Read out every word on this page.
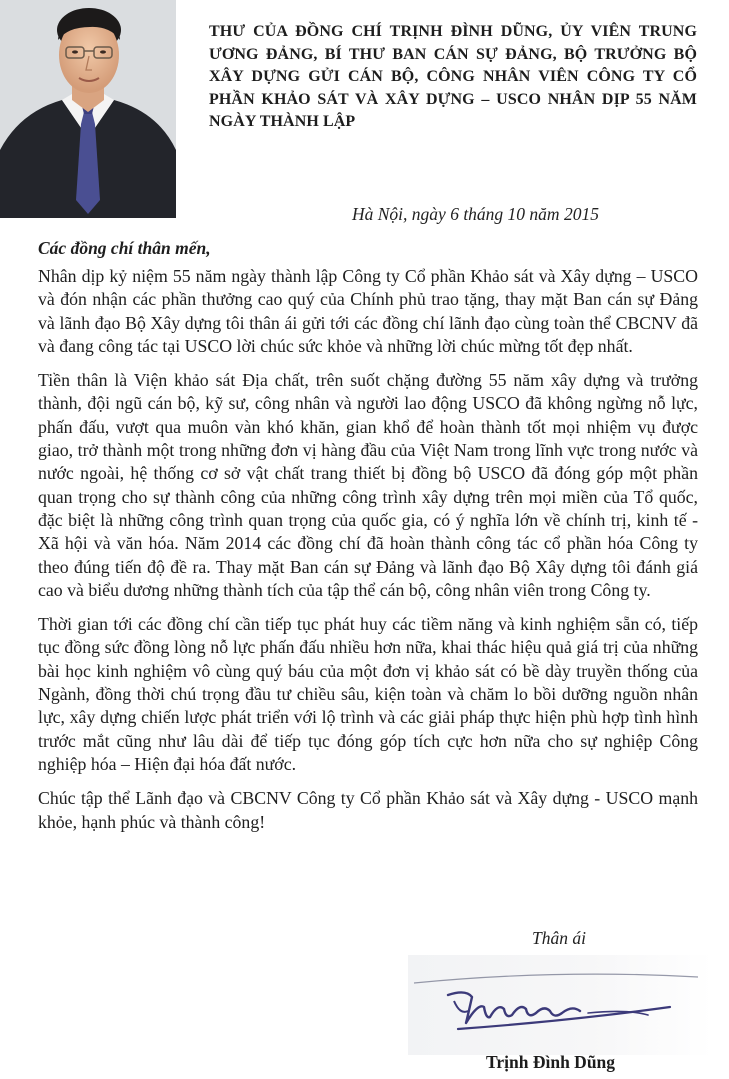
THƯ CỦA ĐỒNG CHÍ TRỊNH ĐÌNH DŨNG, ỦY VIÊN TRUNG ƯƠNG ĐẢNG, BÍ THƯ BAN CÁN SỰ ĐẢNG, BỘ TRƯỞNG BỘ XÂY DỰNG GỬI CÁN BỘ, CÔNG NHÂN VIÊN CÔNG TY CỔ PHẦN KHẢO SÁT VÀ XÂY DỰNG – USCO NHÂN DỊP 55 NĂM NGÀY THÀNH LẬP
Hà Nội, ngày 6 tháng 10 năm 2015
Các đồng chí thân mến,

Nhân dịp kỷ niệm 55 năm ngày thành lập Công ty Cổ phần Khảo sát và Xây dựng – USCO và đón nhận các phần thưởng cao quý của Chính phủ trao tặng, thay mặt Ban cán sự Đảng và lãnh đạo Bộ Xây dựng tôi thân ái gửi tới các đồng chí lãnh đạo cùng toàn thể CBCNV đã và đang công tác tại USCO lời chúc sức khỏe và những lời chúc mừng tốt đẹp nhất.

Tiền thân là Viện khảo sát Địa chất, trên suốt chặng đường 55 năm xây dựng và trưởng thành, đội ngũ cán bộ, kỹ sư, công nhân và người lao động USCO đã không ngừng nỗ lực, phấn đấu, vượt qua muôn vàn khó khăn, gian khổ để hoàn thành tốt mọi nhiệm vụ được giao, trở thành một trong những đơn vị hàng đầu của Việt Nam trong lĩnh vực trong nước và nước ngoài, hệ thống cơ sở vật chất trang thiết bị đồng bộ USCO đã đóng góp một phần quan trọng cho sự thành công của những công trình xây dựng trên mọi miền của Tổ quốc, đặc biệt là những công trình quan trọng của quốc gia, có ý nghĩa lớn về chính trị, kinh tế - Xã hội và văn hóa. Năm 2014 các đồng chí đã hoàn thành công tác cổ phần hóa Công ty theo đúng tiến độ đề ra. Thay mặt Ban cán sự Đảng và lãnh đạo Bộ Xây dựng tôi đánh giá cao và biểu dương những thành tích của tập thể cán bộ, công nhân viên trong Công ty.

Thời gian tới các đồng chí cần tiếp tục phát huy các tiềm năng và kinh nghiệm sẵn có, tiếp tục đồng sức đồng lòng nỗ lực phấn đấu nhiều hơn nữa, khai thác hiệu quả giá trị của những bài học kinh nghiệm vô cùng quý báu của một đơn vị khảo sát có bề dày truyền thống của Ngành, đồng thời chú trọng đầu tư chiều sâu, kiện toàn và chăm lo bồi dưỡng nguồn nhân lực, xây dựng chiến lược phát triển với lộ trình và các giải pháp thực hiện phù hợp tình hình trước mắt cũng như lâu dài để tiếp tục đóng góp tích cực hơn nữa cho sự nghiệp Công nghiệp hóa – Hiện đại hóa đất nước.

Chúc tập thể Lãnh đạo và CBCNV Công ty Cổ phần Khảo sát và Xây dựng - USCO mạnh khỏe, hạnh phúc và thành công!

Thân ái
Trịnh Đình Dũng
